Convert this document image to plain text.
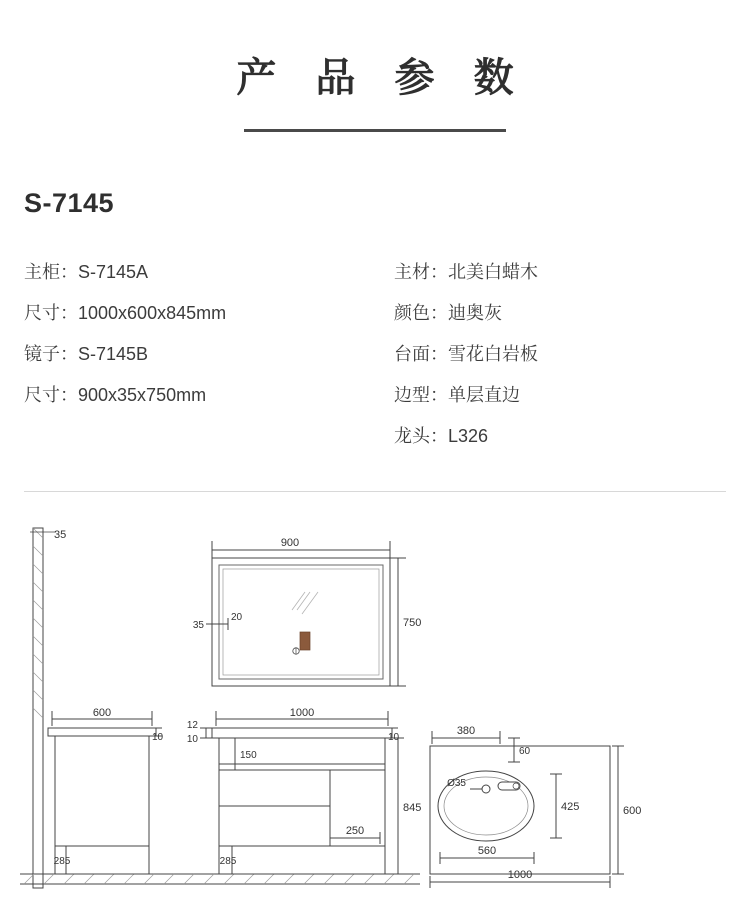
产 品 参 数
S-7145
主柜：S-7145A
尺寸：1000x600x845mm
镜子：S-7145B
尺寸：900x35x750mm
主材：北美白蜡木
颜色：迪奥灰
台面：雪花白岩板
边型：单层直边
龙头：L326
35
900
750
35
20
600
10
285
1000
12
10
150
10
845
285
250
380
60
Ø35
425	600
560
1000
